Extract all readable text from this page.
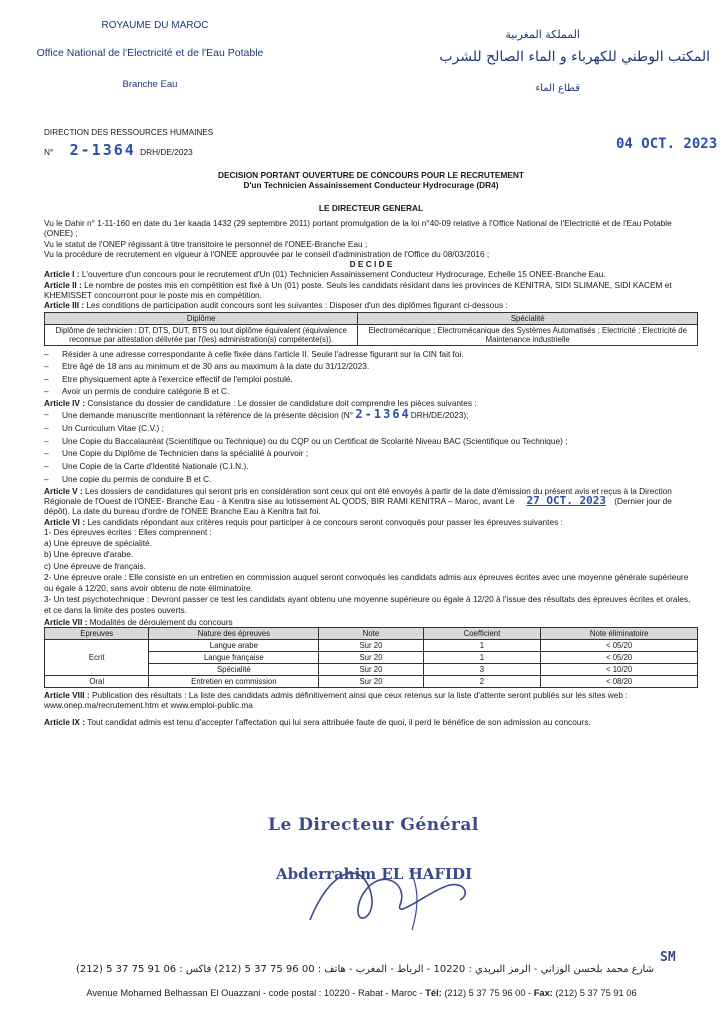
ROYAUME DU MAROC
Office National de l'Electricité et de l'Eau Potable
Branche Eau
المملكة المغربية
المكتب الوطني للكهرباء و الماء الصالح للشرب
قطاع الماء
DIRECTION DES RESSOURCES HUMAINES
N° 2-1364 DRH/DE/2023	04 OCT. 2023
DECISION PORTANT OUVERTURE DE CONCOURS POUR LE RECRUTEMENT
D'un Technicien Assainissement Conducteur Hydrocurage (DR4)
LE DIRECTEUR GENERAL
Vu le Dahir n° 1-11-160 en date du 1er kaada 1432 (29 septembre 2011) portant promulgation de la loi n°40-09 relative à l'Office National de l'Electricité et de l'Eau Potable (ONEE) ;
Vu le statut de l'ONEP régissant à titre transitoire le personnel de l'ONEE-Branche Eau ;
Vu la procédure de recrutement en vigueur à l'ONEE approuvée par le conseil d'administration de l'Office du 08/03/2016 ;
D E C I D E
Article I : L'ouverture d'un concours pour le recrutement d'Un (01) Technicien Assainissement Conducteur Hydrocurage, Echelle 15 ONEE-Branche Eau.
Article II : Le nombre de postes mis en compétition est fixé à Un (01) poste. Seuls les candidats résidant dans les provinces de KENITRA, SIDI SLIMANE, SIDI KACEM et KHEMISSET concourront pour le poste mis en compétition.
Article III : Les conditions de participation audit concours sont les suivantes : Disposer d'un des diplômes figurant ci-dessous :
Diplôme	Spécialité
Diplôme de technicien : DT, DTS, DUT, BTS ou tout diplôme équivalent (équivalence reconnue par attestation délivrée par l'(les) administration(s) compétente(s)).	Electromécanique ; Electromécanique des Systèmes Automatisés ; Electricité ; Electricité de Maintenance industrielle
– Résider à une adresse correspondante à celle fixée dans l'article II. Seule l'adresse figurant sur la CIN fait foi.
– Etre âgé de 18 ans au minimum et de 30 ans au maximum à la date du 31/12/2023.
– Etre physiquement apte à l'exercice effectif de l'emploi postulé.
– Avoir un permis de conduire catégorie B et C.
Article IV : Consistance du dossier de candidature : Le dossier de candidature doit comprendre les pièces suivantes :
– Une demande manuscrite mentionnant la référence de la présente décision (N° 2-1364DRH/DE/2023);
– Un Curriculum Vitae (C.V.) ;
– Une Copie du Baccalauréat (Scientifique ou Technique) ou du CQP ou un Certificat de Scolarité Niveau BAC (Scientifique ou Technique) ;
– Une Copie du Diplôme de Technicien dans la spécialité à pourvoir ;
– Une Copie de la Carte d'Identité Nationale (C.I.N.).
– Une copie du permis de conduire B et C.
Article V : Les dossiers de candidatures qui seront pris en considération sont ceux qui ont été envoyés à partir de la date d'émission du présent avis et reçus à la Direction Régionale de l'Ouest de l'ONEE- Branche Eau - à Kenitra sise au lotissement AL QODS, BIR RAMI KENITRA – Maroc, avant Le 27 OCT. 2023 (Dernier jour de dépôt). La date du bureau d'ordre de l'ONEE Branche Eau à Kenitra fait foi.
Article VI : Les candidats répondant aux critères requis pour participer à ce concours seront convoqués pour passer les épreuves suivantes :
1- Des épreuves écrites : Elles comprennent :
a) Une épreuve de spécialité.
b) Une épreuve d'arabe.
c) Une épreuve de français.
2- Une épreuve orale : Elle consiste en un entretien en commission auquel seront convoqués les candidats admis aux épreuves écrites avec une moyenne générale supérieure ou égale à 12/20, sans avoir obtenu de note éliminatoire.
3- Un test psychotechnique : Devront passer ce test les candidats ayant obtenu une moyenne supérieure ou égale à 12/20 à l'issue des résultats des épreuves écrites et orales, et ce dans la limite des postes ouverts.
Article VII : Modalités de déroulement du concours
Epreuves	Nature des épreuves	Note	Coefficient	Note éliminatoire
Ecrit	Langue arabe	Sur 20	1	< 05/20
	Langue française	Sur 20	1	< 05/20
	Spécialité	Sur 20	3	< 10/20
Oral	Entretien en commission	Sur 20	2	< 08/20
Article VIII : Publication des résultats : La liste des candidats admis définitivement ainsi que ceux retenus sur la liste d'attente seront publiés sur les sites web : www.onep.ma/recrutement.htm et www.emploi-public.ma
Article IX : Tout candidat admis est tenu d'accepter l'affectation qui lui sera attribuée faute de quoi, il perd le bénéfice de son admission au concours.
Le Directeur Général
Abderrahim EL HAFIDI
SM
شارع محمد بلحسن الوزاني - الرمز البريدي : 10220 - الرباط - المغرب - هاتف : 00 96 75 37 5 (212) فاكس : 06 91 75 37 5 (212)
Avenue Mohamed Belhassan El Ouazzani - code postal : 10220 - Rabat - Maroc - Tél: (212) 5 37 75 96 00 - Fax: (212) 5 37 75 91 06
